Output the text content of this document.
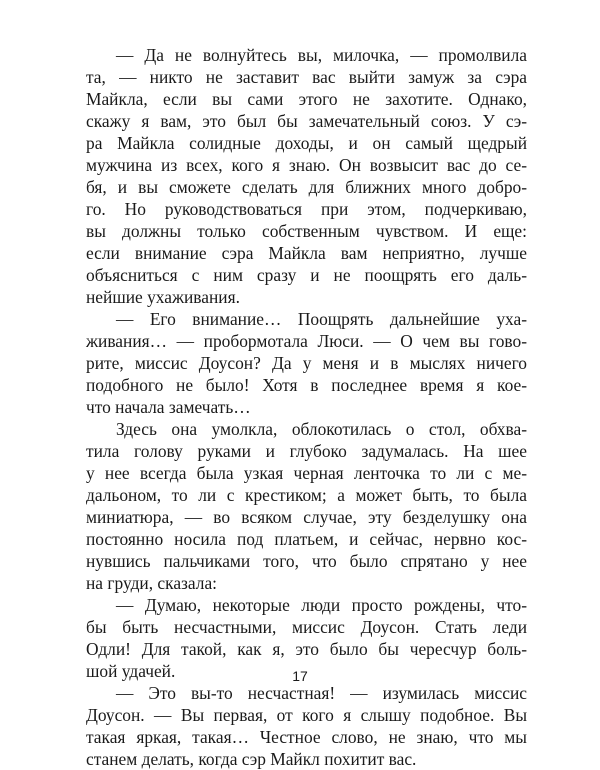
— Да не волнуйтесь вы, милочка, — промолвила
та, — никто не заставит вас выйти замуж за сэра
Майкла, если вы сами этого не захотите. Однако,
скажу я вам, это был бы замечательный союз. У сэ-
ра Майкла солидные доходы, и он самый щедрый
мужчина из всех, кого я знаю. Он возвысит вас до се-
бя, и вы сможете сделать для ближних много добро-
го. Но руководствоваться при этом, подчеркиваю,
вы должны только собственным чувством. И еще:
если внимание сэра Майкла вам неприятно, лучше
объясниться с ним сразу и не поощрять его даль-
нейшие ухаживания.
— Его внимание… Поощрять дальнейшие уха-
живания… — пробормотала Люси. — О чем вы гово-
рите, миссис Доусон? Да у меня и в мыслях ничего
подобного не было! Хотя в последнее время я кое-
что начала замечать…
Здесь она умолкла, облокотилась о стол, обхва-
тила голову руками и глубоко задумалась. На шее
у нее всегда была узкая черная ленточка то ли с ме-
дальоном, то ли с крестиком; а может быть, то была
миниатюра, — во всяком случае, эту безделушку она
постоянно носила под платьем, и сейчас, нервно кос-
нувшись пальчиками того, что было спрятано у нее
на груди, сказала:
— Думаю, некоторые люди просто рождены, что-
бы быть несчастными, миссис Доусон. Стать леди
Одли! Для такой, как я, это было бы чересчур боль-
шой удачей.
— Это вы-то несчастная! — изумилась миссис
Доусон. — Вы первая, от кого я слышу подобное. Вы
такая яркая, такая… Честное слово, не знаю, что мы
станем делать, когда сэр Майкл похитит вас.
17
